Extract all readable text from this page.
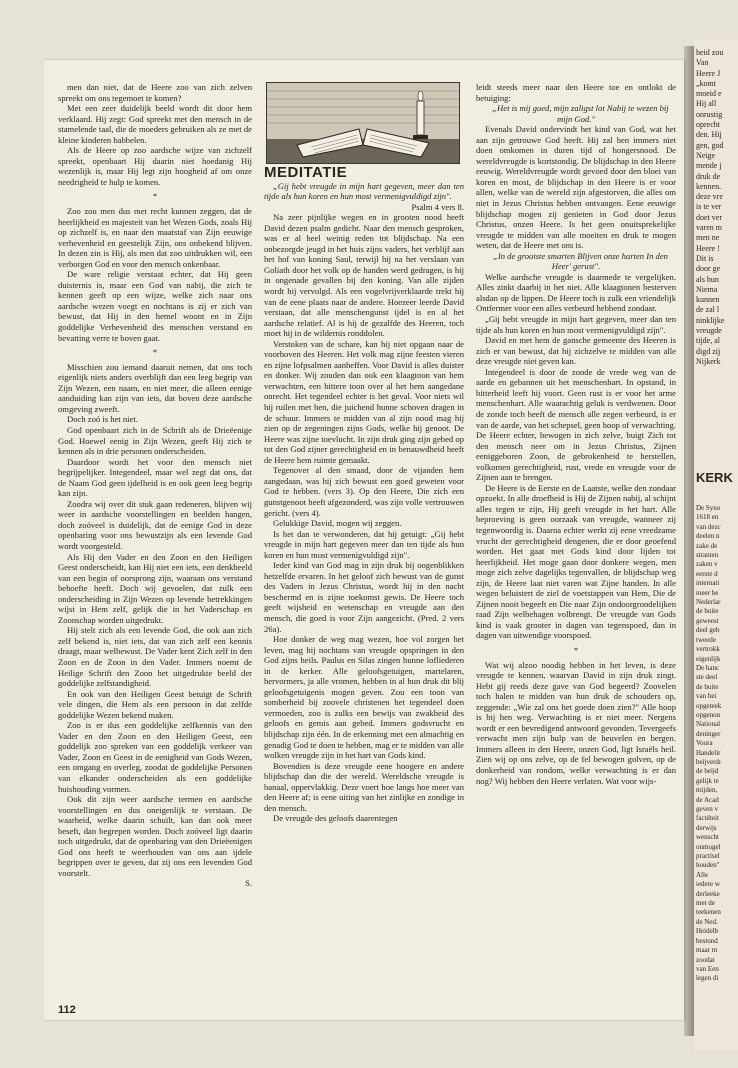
men dan niet, dat de Heere zoo van zich zelven spreekt om ons tegemoet te komen?

Met een zeer duidelijk beeld wordt dit door hem verklaard. Hij zegt: God spreekt met den mensch in de stamelende taal, die de moeders gebruiken als ze met de kleine kinderen babbelen.

Als de Heere op zoo aardsche wijze van zichzelf spreekt, openbaart Hij daarin niet hoedanig Hij wezenlijk is, maar Hij legt zijn hoogheid af om onze needrigheid te hulp te komen.

*

Zoo zou men dus met recht kunnen zeggen, dat de heerlijkheid en majesteit van het Wezen Gods, zoals Hij op zichzelf is, en naar den maatstaf van Zijn eeuwige verhevenheid en geestelijk Zijn, ons onbekend blijven. In dezen zin is Hij, als men dat zoo uitdrukken wil, een verborgen God en voor den mensch onkenbaar.

De ware religie verstaat echter, dat Hij geen duisternis is, maar een God van nabij, die zich te kennen geeft op een wijze, welke zich naar ons aardsche wezen voegt en nochtans is zij er zich van bewust, dat Hij in den hemel woont en in Zijn goddelijke Verhevenheid des menschen verstand en bevatting verre te boven gaat.

*

Misschien zou iemand daaruit nemen, dat ons toch eigenlijk niets anders overblijft dan een leeg begrip van Zijn Wezen, een naam, en niet meer, die alleen eenige aanduiding kan zijn van iets, dat boven deze aardsche omgeving zweeft.

Doch zoó is het niet.

God openbaart zich in de Schrift als de Drieëenige God. Hoewel eenig in Zijn Wezen, geeft Hij zich te kennen als in drie personen onderscheiden.

Daardoor wordt het voor den mensch niet begrijpelijker. Integendeel, maar wel zegt dat ons, dat de Naam God geen ijdelheid is en ook geen leeg begrip kan zijn.

Zoodra wij over dit stuk gaan redeneren, blijven wij weer in aardsche voorstellingen en beelden hangen, doch zoóveel is duidelijk, dat de eenige God in deze openbaring voor ons bewustzijn als een levende God wordt voorgesteld.

Als Hij den Vader en den Zoon en den Heiligen Geest onderscheidt, kan Hij niet een iets, een denkbeeld van een begin of oorsprong zijn, waaraan ons verstand behoefte heeft. Doch wij gevoelen, dat zulk een onderscheiding in Zijn Wezen op levende betrekkingen wijst in Hem zelf, gelijk die in het Vaderschap en Zoonschap worden uitgedrukt.

Hij stelt zich als een levende God, die ook aan zich zelf bekend is, niet iets, dat van zich zelf een kennis draagt, maar welbewust. De Vader kent Zich zelf in den Zoon en de Zoon in den Vader. Immers noemt de Heilige Schrift den Zoon het uitgedrukte beeld der goddelijke zelfstandigheid.

En ook van den Heiligen Geest betuigt de Schrift vele dingen, die Hem als een persoon in dat zelfde goddelijke Wezen bekend maken.

Zoo is er dus een goddelijke zelfkennis van den Vader en den Zoon en den Heiligen Geest, een goddelijk zoo spreken van een goddelijk verkeer van Vader, Zoon en Geest in de eenigheid van Gods Wezen, een omgang en overleg, zoodat de goddelijke Personen van elkander onderscheiden als een goddelijke huishouding vormen.

Ook dit zijn weer aardsche termen en aardsche voorstellingen en dus oneigenlijk te verstaan. De waarheid, welke daarin schuilt, kan dan ook meer beseft, dan begrepen worden. Doch zoóveel ligt daarin toch uitgedrukt, dat de openbaring van den Drieëenigen God ons heeft te weerhouden van ons aan ijdele begrippen over te geven, dat zij ons een levenden God voorstelt.

S.

MEDITATIE

„Gij hebt vreugde in mijn hart gegeven, meer dan ten tijde als hun koren en hun most vermenigvuldigd zijn".
Psalm 4 vers 8.

Na zeer pijnlijke wegen en in grooten nood heeft David dezen psalm gedicht. Naar den mensch gesproken, was er al heel weinig reden tot blijdschap. Na een onbezorgde jeugd in het huis zijns vaders, het verblijf aan het hof van koning Saul, terwijl hij na het verslaan van Goliath door het volk op de handen werd gedragen, is hij in ongenade gevallen bij den koning. Van alle zijden wordt hij vervolgd. Als een vogelvrijverklaarde trekt hij van de eene plaats naar de andere. Hoezeer leerde David verstaan, dat alle menschengunst ijdel is en al het aardsche relatief. Al is hij de gezalfde des Heeren, toch moet hij in de wildernis ronddolen.

Verstoken van de schare, kan hij niet opgaan naar de voorhoven des Heeren. Het volk mag zijne feesten vieren en zijne lofpsalmen aanheffen. Voor David is alles duister en donker. Wij zouden dan ook een klaagtoon van hem verwachten, een bittere toon over al het hem aangedane onrecht. Het tegendeel echter is het geval. Voor niets wil hij ruilen met hen, die juichend hunne schoven dragen in de schuur. Immers te midden van al zijn nood mag hij zien op de zegeningen zijns Gods, welke hij genoot. De Heere was zijne toevlucht. In zijn druk ging zijn gebed op tot den God zijner gerechtigheid en in benauwdheid heeft de Heere hem ruimte gemaakt.

Tegenover al den smaad, door de vijanden hem aangedaan, was hij zich bewust een goed geweten voor God te hebben. (vers 3). Op den Heere, Die zich een gunstgenoot heeft afgezonderd, was zijn volle vertrouwen gericht. (vers 4).

Gelukkige David, mogen wij zeggen.

Is het dan te verwonderen, dat hij getuigt: „Gij hebt vreugde in mijn hart gegeven meer dan ten tijde als hun koren en hun most vermenigvuldigd zijn".

Ieder kind van God mag in zijn druk bij oogenblikken hetzelfde ervaren. In het geloof zich bewust van de gunst des Vaders in Jezus Christus, wordt hij in den nacht beschermd en is zijne toekomst gewis. De Heere toch geeft wijsheid en wetenschap en vreugde aan den mensch, die goed is voor Zijn aangezicht. (Pred. 2 vers 26a).

Hoe donker de weg mag wezen, hoe vol zorgen het leven, mag hij nochtans van vreugde opspringen in den God zijns heils. Paulus en Silas zingen hunne lofliederen in de kerker. Alle geloofsgetuigen, martelaren, hervormers, ja alle vromen, hebben in al hun druk dit blij geloofsgetuigenis mogen geven. Zou een toon van somberheid bij zoovele christenen het tegendeel doen vermoeden, zoo is zulks een bewijs van zwakheid des geloofs en gemis aan gebed. Immers godsvrucht en blijdschap zijn één. In de erkenning met een almachtig en genadig God te doen te hebben, mag er te midden van alle wolken vreugde zijn in het hart van Gods kind.

Bovendien is deze vreugde eene hoogere en andere blijdschap dan die der wereld. Wereldsche vreugde is banaal, oppervlakkig. Deze voert hoe langs hoe meer van den Heere af; is eene uiting van het zinlijke en zondige in den mensch.

De vreugde des geloofs daarentegen

leidt steeds meer naar den Heere toe en ontlokt de betuiging:

„Het is mij goed, mijn zaligst lot Nabij te wezen bij mijn God."

Evenals David ondervindt het kind van God, wat het aan zijn getrouwe God heeft. Hij zal hen immers niet doen omkomen in duren tijd of hongersnood. De wereldvreugde is kortstondig. De blijdschap in den Heere eeuwig. Wereldvreugde wordt gevoed door den bloei van koren en most, de blijdschap in den Heere is er voor allen, welke van de wereld zijn afgestorven, die alles om niet in Jezus Christus hebben ontvangen. Eene eeuwige blijdschap mogen zij genieten in God door Jezus Christus, onzen Heere. Is het geen onuitsprekelijke vreugde te midden van alle moeiten en druk te mogen weten, dat de Heere met ons is.

„In de grootste smarten Blijven onze harten In den Heer' gerust".

Welke aardsche vreugde is daarmede te vergelijken. Alles zinkt daarbij in het niet. Alle klaagtonen besterven alsdan op de lippen. De Heere toch is zulk een vriendelijk Ontfermer voor een alles verbeurd hebbend zondaar.

„Gij hebt vreugde in mijn hart gegeven, meer dan ten tijde als hun koren en hun most vermenigvuldigd zijn".

David en met hem de gansche gemeente des Heeren is zich er van bewust, dat hij zichzelve te midden van alle deze vreugde niet geven kan.

Integendeel is door de zonde de vrede weg van de aarde en gebannen uit het menschenhart. In opstand, in bitterheid leeft hij voort. Geen rust is er voor het arme menschenhart. Alle waarachtig geluk is verdwenen. Door de zonde toch heeft de mensch alle zegen verbeurd, is er van de aarde, van het schepsel, geen hoop of verwachting. De Heere echter, bewogen in zich zelve, buigt Zich tot den mensch neer om in Jezus Christus, Zijnen eeniggeboren Zoon, de gebrokenheid te herstellen, volkomen gerechtigheid, rust, vrede en vreugde voor de Zijnen aan te brengen.

De Heere is de Eerste en de Laatste, welke den zondaar opzoekt. In alle droefheid is Hij de Zijnen nabij, al schijnt alles tegen te zijn, Hij geeft vreugde in het hart. Alle beproeving is geen oorzaak van vreugde, wanneer zij tegenwoordig is. Daarna echter werkt zij eene vreedzame vrucht der gerechtigheid dengenen, die er door geoefend worden. Het gaat met Gods kind door lijden tot heerlijkheid. Het moge gaan door donkere wegen, men moge zich zelve dagelijks tegenvallen, de blijdschap weg zijn, de Heere laat niet varen wat Zijne handen. In alle wegen beluistert de ziel de voetstappen van Hem, Die de Zijnen nooit begeeft en Die naar Zijn ondoorgrondelijken raad Zijn welbehagen volbrengt. De vreugde van Gods kind is vaak grooter in dagen van tegenspoed, dan in dagen van uitwendige voorspoed.

*

Wat wij alzoo noodig hebben in het leven, is deze vreugde te kennen, waarvan David in zijn druk zingt. Hebt gij reeds deze gave van God begeerd? Zoovelen toch halen te midden van hun druk de schouders op, zeggende: „Wie zal ons het goede doen zien?" Alle hoop is bij hen weg. Verwachting is er niet meer. Nergens wordt er een bevredigend antwoord gevonden. Tevergeefs verwacht men zijn hulp van de heuvelen en bergen. Immers alleen in den Heere, onzen God, ligt Israëls heil. Zien wij op ons zelve, op de fel bewogen golven, op de donkerheid van rondom, welke verwachting is er dan nog? Wij hebben den Heere verlaten. Wat voor wijs-

112
heid zou
Van
Heere J
„komt
moeid e
Hij all
onrustig
oprecht
den. Hij
gen, god
Neige
mende j
druk de
kennen.
deze vre
is te ver
doet ver
varen m
men ne
Heere !
Dit is
door ge
als hun
Niema
kunnen
de zal l
ninklijke
vreugde
tijde, al
digd zij
Nijkerk
KERK
De Syno
1618 en
van dezc
deelen n
zake de
stranten
zaken v
eerste d
internati
meer be
Nederlar
de buite
geweest
deel geb
tweede
vertrokk
eigenlijk
De hanc
ste deel
de buite
van hei
opgeteek
opgenon
National
deninger
Voora
Handelir
beijverdı
de beijd
gelijk te
mijden,
de Acad
geven v
faculteit
derwijs
wenscht
onmogel
practisel
houden"
Alle
iedere w
derleeke
met de
teekenen
de Ned.
Heidelb
bestond
maar m
zoodat
van Een
legen di
